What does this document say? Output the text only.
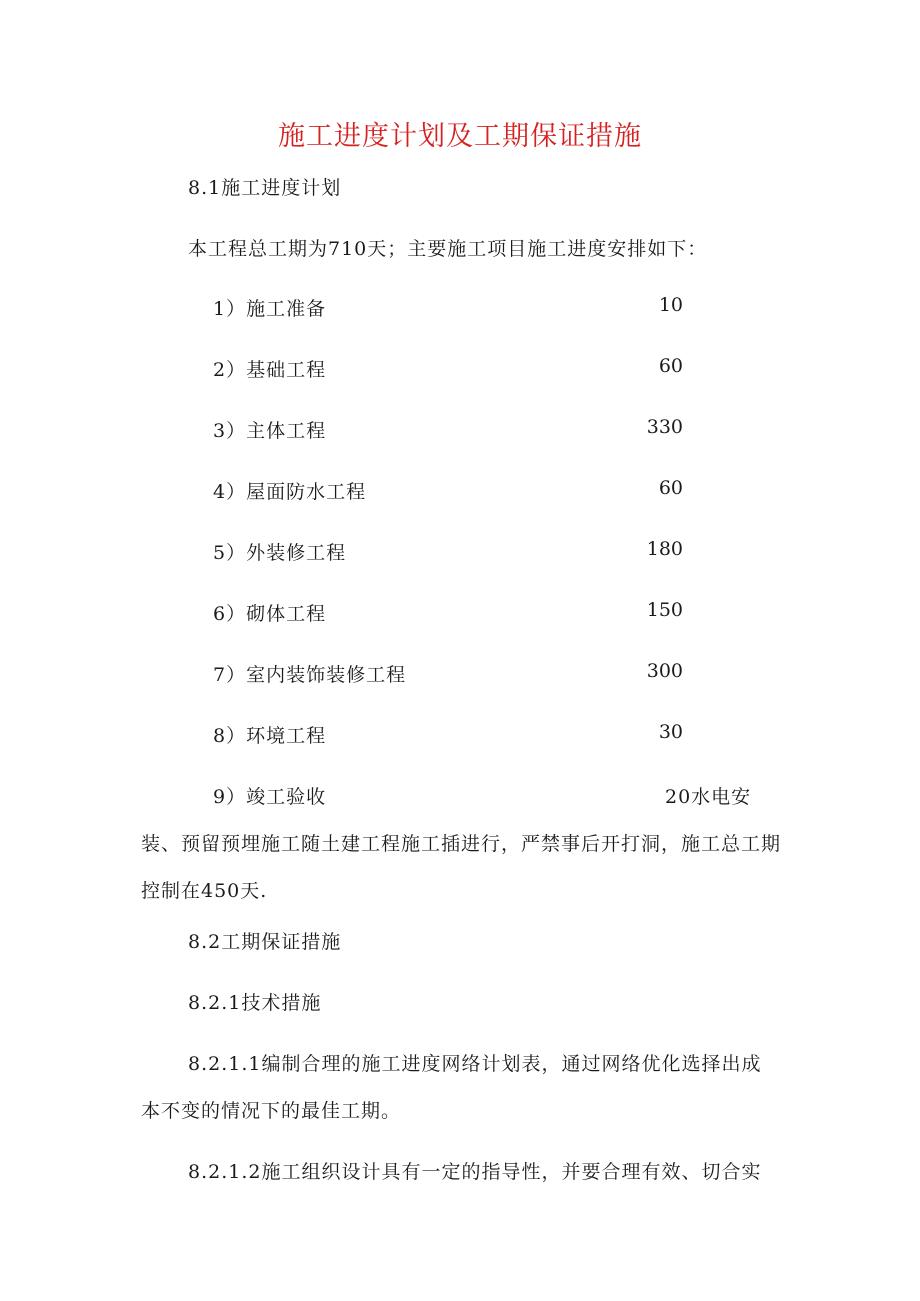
施工进度计划及工期保证措施
8.1施工进度计划
本工程总工期为710天；主要施工项目施工进度安排如下：
1）施工准备	10
2）基础工程	60
3）主体工程	330
4）屋面防水工程	60
5）外装修工程	180
6）砌体工程	150
7）室内装饰装修工程	300
8）环境工程	30
9）竣工验收	20水电安
装、预留预埋施工随土建工程施工插进行，严禁事后开打洞，施工总工期
控制在450天.
8.2工期保证措施
8.2.1技术措施
8.2.1.1编制合理的施工进度网络计划表，通过网络优化选择出成
本不变的情况下的最佳工期。
8.2.1.2施工组织设计具有一定的指导性，并要合理有效、切合实
